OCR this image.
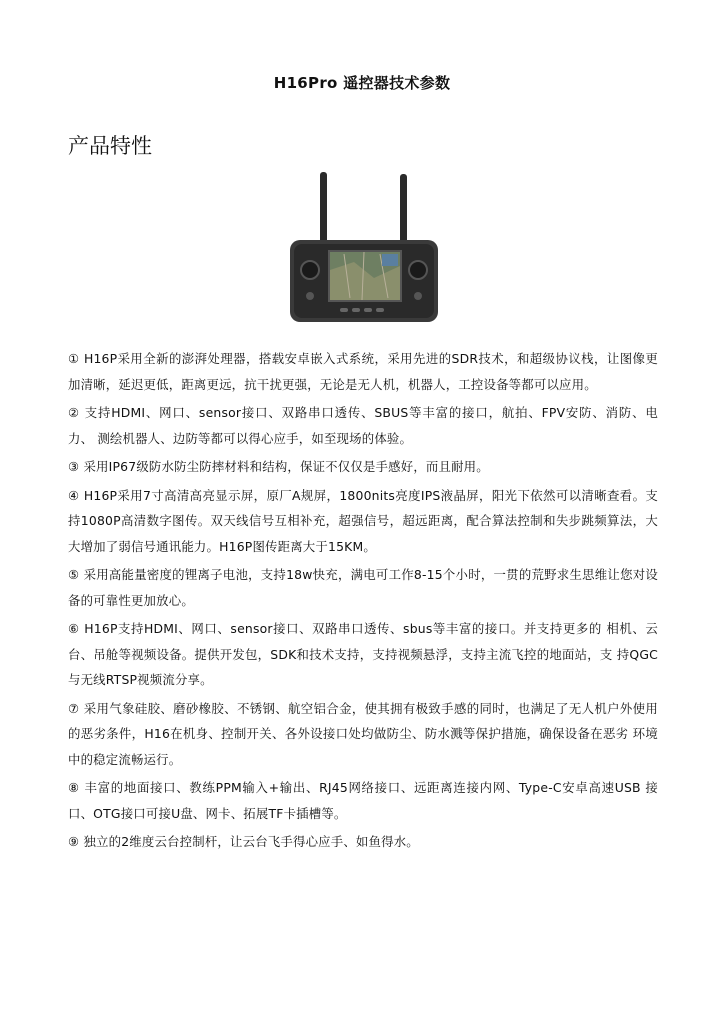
H16Pro 遥控器技术参数
产品特性

① H16P采用全新的澎湃处理器，搭载安卓嵌入式系统，采用先进的SDR技术，和超级协议栈，让图像更加清晰，延迟更低，距离更远，抗干扰更强，无论是无人机，机器人，工控设备等都可以应用。

② 支持HDMI、网口、sensor接口、双路串口透传、SBUS等丰富的接口，航拍、FPV安防、消防、电力、 测绘机器人、边防等都可以得心应手，如至现场的体验。

③ 采用IP67级防水防尘防摔材料和结构，保证不仅仅是手感好，而且耐用。

④ H16P采用7寸高清高亮显示屏，原厂A规屏，1800nits亮度IPS液晶屏，阳光下依然可以清晰查看。支持1080P高清数字图传。双天线信号互相补充，超强信号，超远距离，配合算法控制和失步跳频算法，大大增加了弱信号通讯能力。H16P图传距离大于15KM。

⑤ 采用高能量密度的锂离子电池，支持18w快充，满电可工作8-15个小时，一贯的荒野求生思维让您对设备的可靠性更加放心。

⑥ H16P支持HDMI、网口、sensor接口、双路串口透传、sbus等丰富的接口。并支持更多的 相机、云台、吊舱等视频设备。提供开发包，SDK和技术支持，支持视频悬浮，支持主流飞控的地面站，支 持QGC与无线RTSP视频流分享。

⑦ 采用气象硅胶、磨砂橡胶、不锈钢、航空铝合金，使其拥有极致手感的同时，也满足了无人机户外使用的恶劣条件，H16在机身、控制开关、各外设接口处均做防尘、防水溅等保护措施，确保设备在恶劣 环境中的稳定流畅运行。

⑧ 丰富的地面接口、教练PPM输入+输出、RJ45网络接口、远距离连接内网、Type-C安卓高速USB 接口、OTG接口可接U盘、网卡、拓展TF卡插槽等。

⑨ 独立的2维度云台控制杆，让云台飞手得心应手、如鱼得水。
